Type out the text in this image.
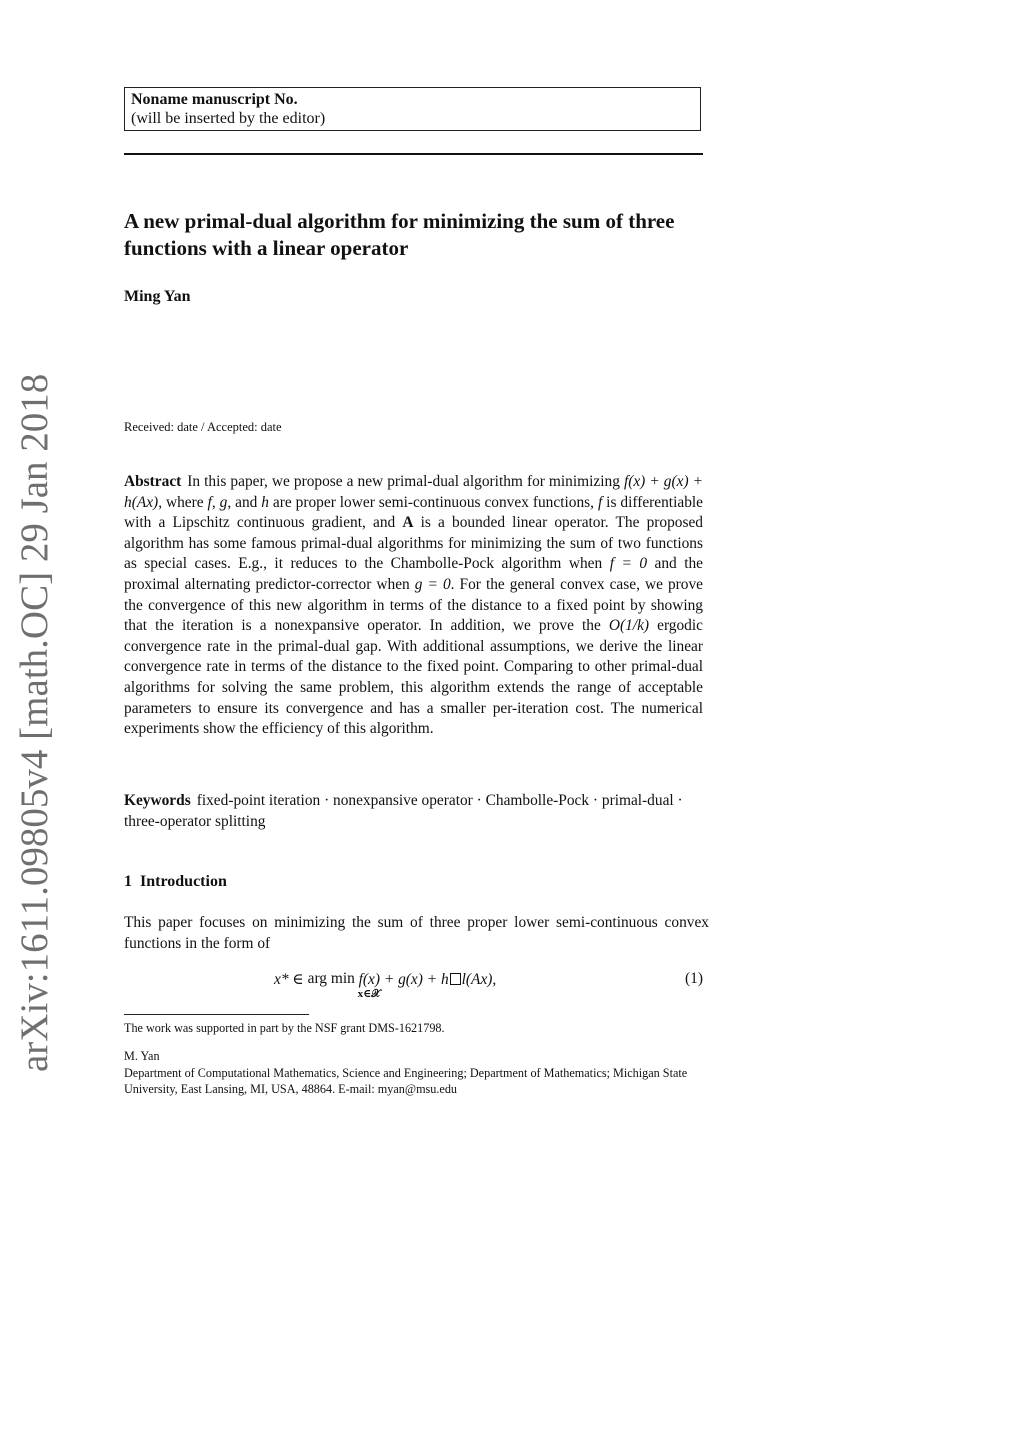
arXiv:1611.09805v4 [math.OC] 29 Jan 2018
Noname manuscript No.
(will be inserted by the editor)
A new primal-dual algorithm for minimizing the sum of three functions with a linear operator
Ming Yan
Received: date / Accepted: date
Abstract In this paper, we propose a new primal-dual algorithm for minimizing f(x) + g(x) + h(Ax), where f, g, and h are proper lower semi-continuous convex functions, f is differentiable with a Lipschitz continuous gradient, and A is a bounded linear operator. The proposed algorithm has some famous primal-dual algorithms for minimizing the sum of two functions as special cases. E.g., it reduces to the Chambolle-Pock algorithm when f = 0 and the proximal alternating predictor-corrector when g = 0. For the general convex case, we prove the convergence of this new algorithm in terms of the distance to a fixed point by showing that the iteration is a nonexpansive operator. In addition, we prove the O(1/k) ergodic convergence rate in the primal-dual gap. With additional assumptions, we derive the linear convergence rate in terms of the distance to the fixed point. Comparing to other primal-dual algorithms for solving the same problem, this algorithm extends the range of acceptable parameters to ensure its convergence and has a smaller per-iteration cost. The numerical experiments show the efficiency of this algorithm.
Keywords fixed-point iteration · nonexpansive operator · Chambolle-Pock · primal-dual · three-operator splitting
1 Introduction
This paper focuses on minimizing the sum of three proper lower semi-continuous convex functions in the form of
x* ∈ arg min
x∈𝒳
f(x) + g(x) + h l(Ax),	(1)
The work was supported in part by the NSF grant DMS-1621798.
M. Yan
Department of Computational Mathematics, Science and Engineering; Department of Mathematics; Michigan State University, East Lansing, MI, USA, 48864. E-mail: myan@msu.edu
